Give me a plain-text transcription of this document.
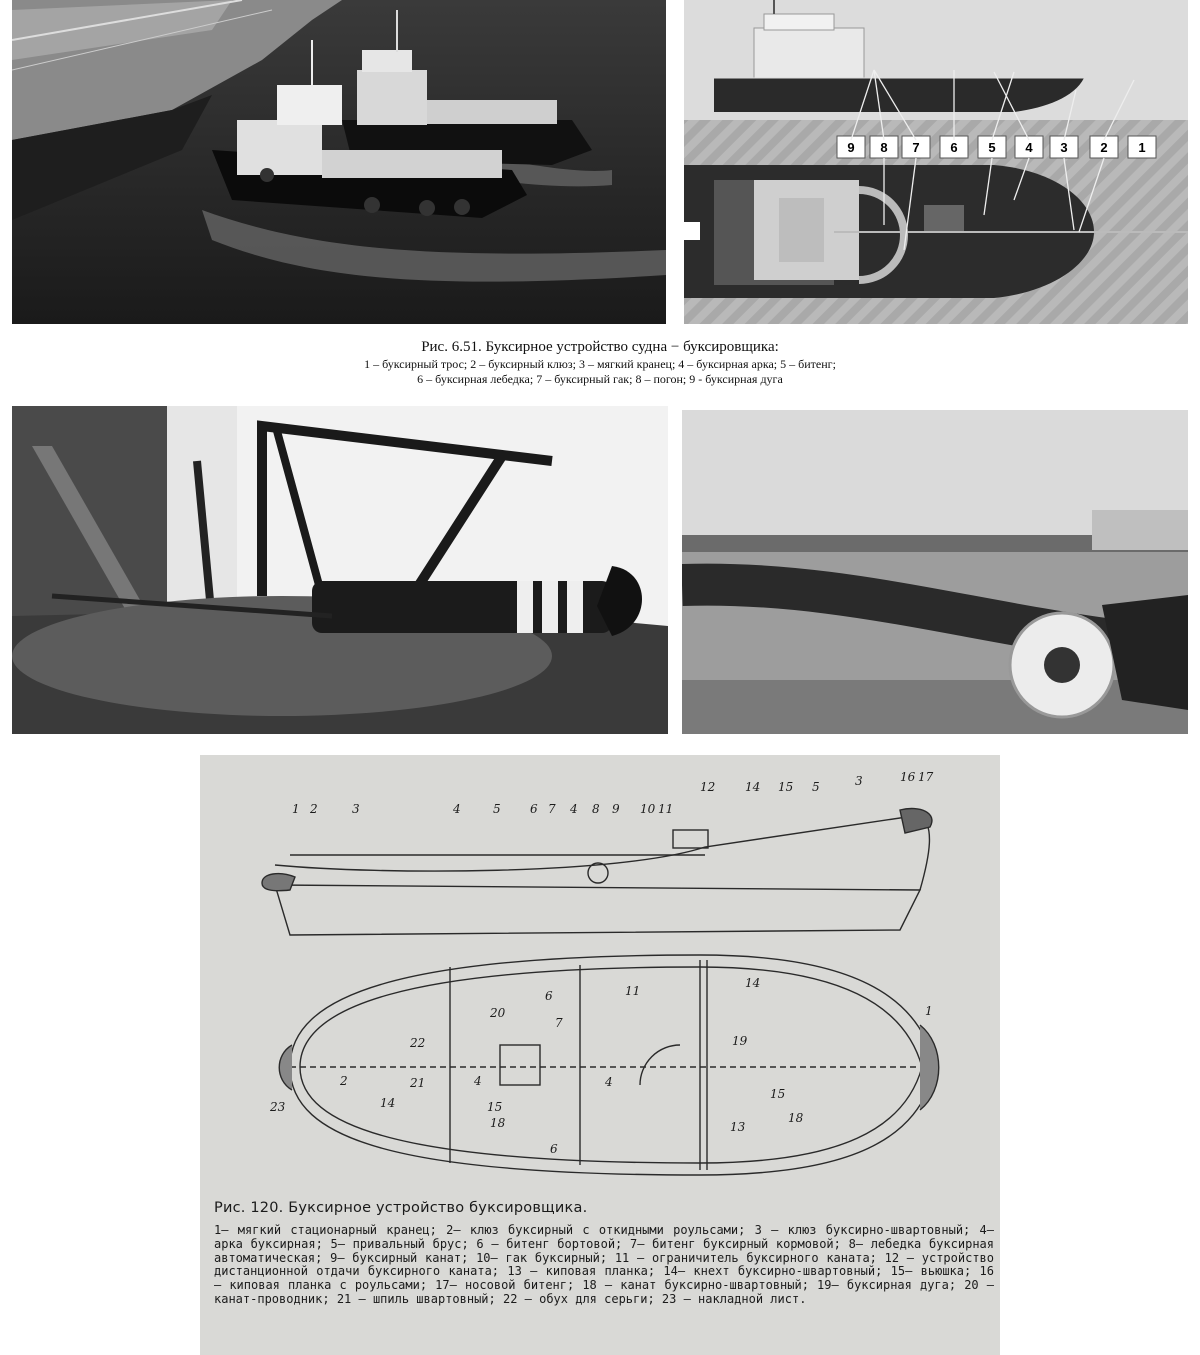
9 8 7 6 5 4 3	2 1
Рис. 6.51. Буксирное устройство судна − буксировщика:
1 – буксирный трос; 2 – буксирный клюз; 3 – мягкий кранец; 4 – буксирная арка; 5 – битенг;
6 – буксирная лебедка; 7 – буксирный гак; 8 – погон; 9 - буксирная дуга
1 2	3	4	5 6 7 4 8 9 10 11
12 14 15 5	3	16 17
20
6	11
14
22
7
19
2	21	4	4
23	14	15
18
6
13
15
18
1
Рис. 120. Буксирное устройство буксировщика.
1— мягкий стационарный кранец; 2— клюз буксирный с откидными роульсами; 3 — клюз буксирно-швартовный; 4— арка буксирная; 5— привальный брус; 6 — битенг бортовой; 7— битенг буксирный кормовой; 8— лебедка буксирная автоматическая; 9— буксирный канат; 10— гак буксирный; 11 — ограничитель буксирного каната; 12 — устройство дистанционной отдачи буксирного каната; 13 — киповая планка; 14— кнехт буксирно-швартовный; 15— вьюшка; 16 — киповая планка с роульсами; 17— носовой битенг; 18 — канат буксирно-швартовный; 19— буксирная дуга; 20 — канат-проводник; 21 — шпиль швартовный; 22 — обух для серьги; 23 — накладной лист.
